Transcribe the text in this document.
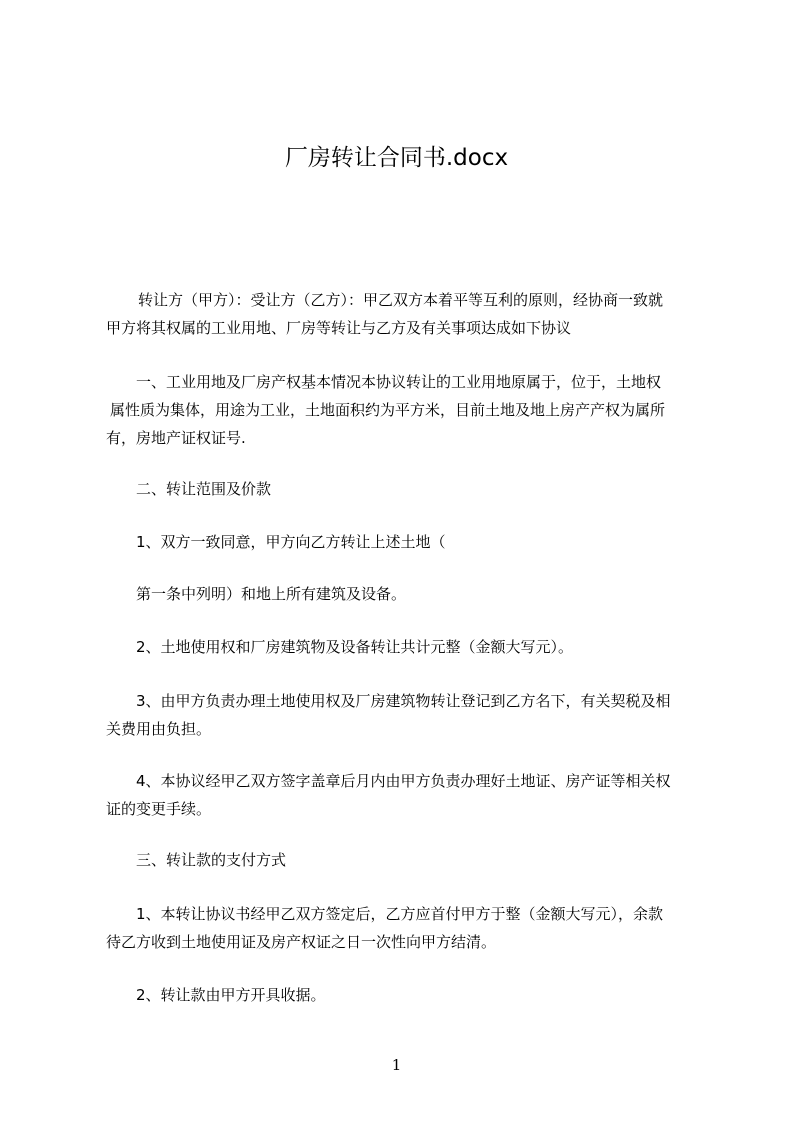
厂房转让合同书.docx

转让方（甲方）：受让方（乙方）：甲乙双方本着平等互利的原则，经协商一致就
甲方将其权属的工业用地、厂房等转让与乙方及有关事项达成如下协议

一、工业用地及厂房产权基本情况本协议转让的工业用地原属于，位于，土地权
属性质为集体，用途为工业，土地面积约为平方米，目前土地及地上房产产权为属所
有，房地产证权证号.

二、转让范围及价款

1、双方一致同意，甲方向乙方转让上述土地（

第一条中列明）和地上所有建筑及设备。

2、土地使用权和厂房建筑物及设备转让共计元整（金额大写元）。

3、由甲方负责办理土地使用权及厂房建筑物转让登记到乙方名下，有关契税及相
关费用由负担。

4、本协议经甲乙双方签字盖章后月内由甲方负责办理好土地证、房产证等相关权
证的变更手续。

三、转让款的支付方式

1、本转让协议书经甲乙双方签定后，乙方应首付甲方于整（金额大写元），余款
待乙方收到土地使用证及房产权证之日一次性向甲方结清。

2、转让款由甲方开具收据。

1
